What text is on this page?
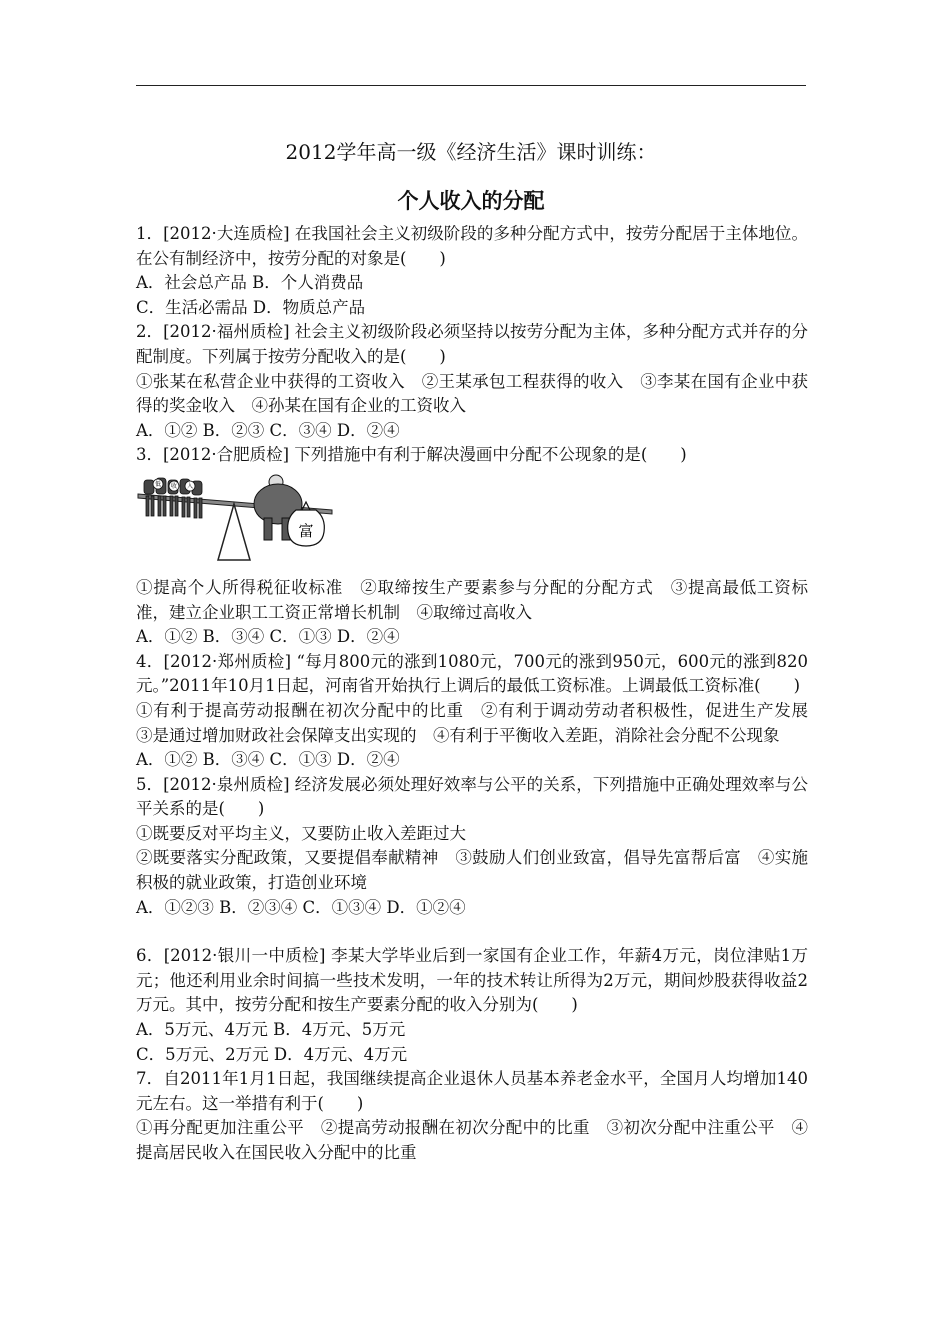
2012学年高一级《经济生活》课时训练：
个人收入的分配

1．[2012·大连质检] 在我国社会主义初级阶段的多种分配方式中，按劳分配居于主体地位。在公有制经济中，按劳分配的对象是(　　)

A．社会总产品 B．个人消费品

C．生活必需品 D．物质总产品

2．[2012·福州质检] 社会主义初级阶段必须坚持以按劳分配为主体，多种分配方式并存的分配制度。下列属于按劳分配收入的是(　　)

①张某在私营企业中获得的工资收入　②王某承包工程获得的收入　③李某在国有企业中获得的奖金收入　④孙某在国有企业的工资收入

A．①② B．②③ C．③④ D．②④

3．[2012·合肥质检] 下列措施中有利于解决漫画中分配不公现象的是(　　)

低 收 入
富

①提高个人所得税征收标准　②取缔按生产要素参与分配的分配方式　③提高最低工资标准，建立企业职工工资正常增长机制　④取缔过高收入

A．①② B．③④ C．①③ D．②④

4．[2012·郑州质检] “每月800元的涨到1080元，700元的涨到950元，600元的涨到820元。”2011年10月1日起，河南省开始执行上调后的最低工资标准。上调最低工资标准(　　)

①有利于提高劳动报酬在初次分配中的比重　②有利于调动劳动者积极性，促进生产发展　③是通过增加财政社会保障支出实现的　④有利于平衡收入差距，消除社会分配不公现象

A．①② B．③④ C．①③ D．②④

5．[2012·泉州质检] 经济发展必须处理好效率与公平的关系，下列措施中正确处理效率与公平关系的是(　　)

①既要反对平均主义，又要防止收入差距过大

②既要落实分配政策，又要提倡奉献精神　③鼓励人们创业致富，倡导先富帮后富　④实施积极的就业政策，打造创业环境

A．①②③ B．②③④ C．①③④ D．①②④

6．[2012·银川一中质检] 李某大学毕业后到一家国有企业工作，年薪4万元，岗位津贴1万元；他还利用业余时间搞一些技术发明，一年的技术转让所得为2万元，期间炒股获得收益2万元。其中，按劳分配和按生产要素分配的收入分别为(　　)

A．5万元、4万元 B．4万元、5万元

C．5万元、2万元 D．4万元、4万元

7．自2011年1月1日起，我国继续提高企业退休人员基本养老金水平，全国月人均增加140元左右。这一举措有利于(　　)

①再分配更加注重公平　②提高劳动报酬在初次分配中的比重　③初次分配中注重公平　④提高居民收入在国民收入分配中的比重
